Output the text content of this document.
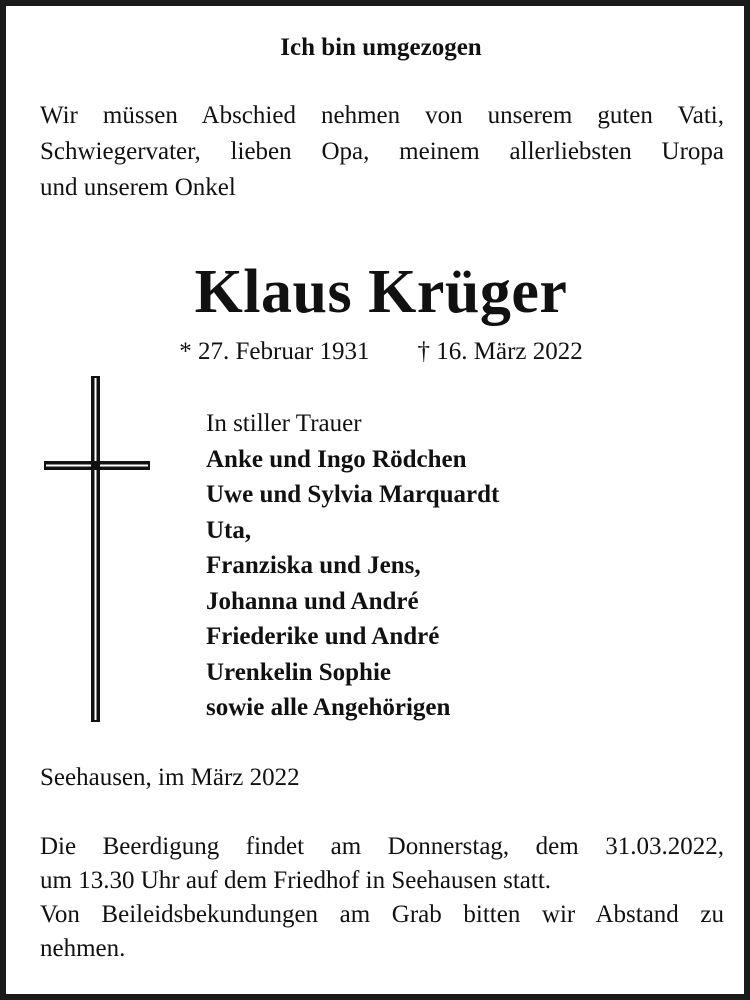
Ich bin umgezogen
Wir müssen Abschied nehmen von unserem guten Vati,
Schwiegervater, lieben Opa, meinem allerliebsten Uropa
und unserem Onkel
Klaus Krüger
* 27. Februar 1931 † 16. März 2022
In stiller Trauer
Anke und Ingo Rödchen
Uwe und Sylvia Marquardt
Uta,
Franziska und Jens,
Johanna und André
Friederike und André
Urenkelin Sophie
sowie alle Angehörigen
Seehausen, im März 2022
Die Beerdigung findet am Donnerstag, dem 31.03.2022,
um 13.30 Uhr auf dem Friedhof in Seehausen statt.
Von Beileidsbekundungen am Grab bitten wir Abstand zu
nehmen.
